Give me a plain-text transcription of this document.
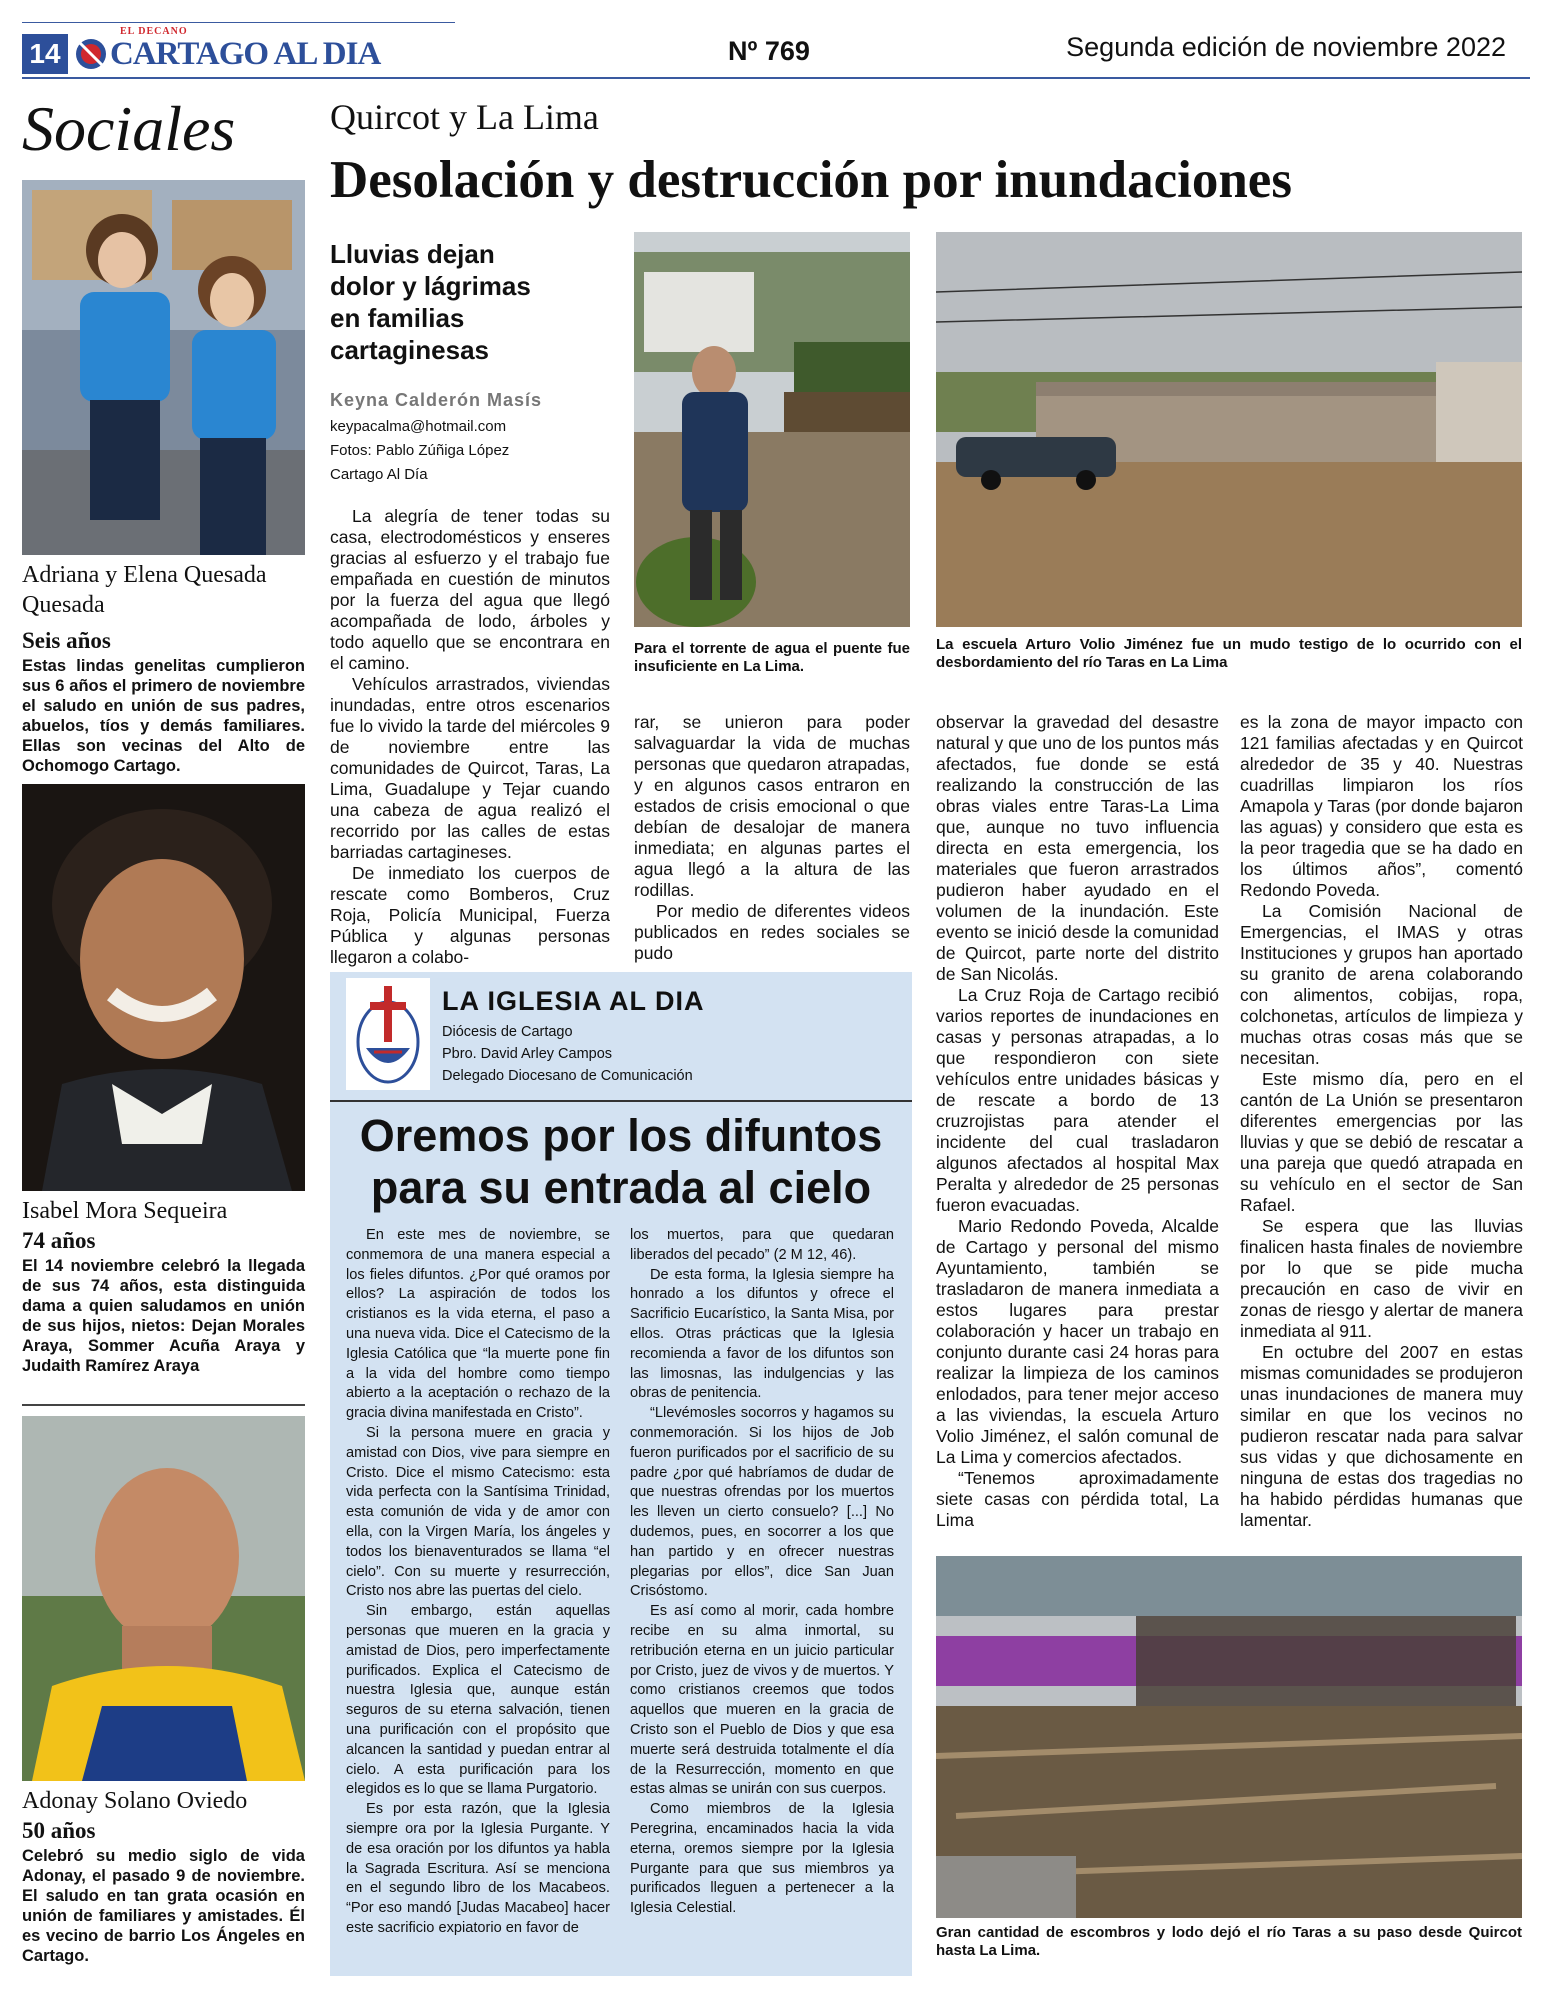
14
EL DECANO
CARTAGO AL DIA	Nº 769	Segunda edición de noviembre 2022
Sociales
Adriana y Elena Quesada Quesada
Seis años
Estas lindas genelitas cumplieron sus 6 años el primero de noviembre el saludo en unión de sus padres, abuelos, tíos y demás familiares. Ellas son vecinas del Alto de Ochomogo Cartago.
Isabel Mora Sequeira
74 años
El 14 noviembre celebró la llegada de sus 74 años, esta distinguida dama a quien saludamos en unión de sus hijos, nietos: Dejan Morales Araya, Sommer Acuña Araya y Judaith Ramírez Araya
Adonay Solano Oviedo
50 años
Celebró su medio siglo de vida Adonay, el pasado 9 de noviembre. El saludo en tan grata ocasión en unión de familiares y amistades. Él es vecino de barrio Los Ángeles en Cartago.
Quircot y La Lima
Desolación y destrucción por inundaciones
Lluvias dejan dolor y lágrimas en familias cartaginesas
Keyna Calderón Masís
keypacalma@hotmail.com
Fotos: Pablo Zúñiga López
Cartago Al Día

La alegría de tener todas su casa, electrodomésticos y enseres gracias al esfuerzo y el trabajo fue empañada en cuestión de minutos por la fuerza del agua que llegó acompañada de lodo, árboles y todo aquello que se encontrara en el camino.

Vehículos arrastrados, viviendas inundadas, entre otros escenarios fue lo vivido la tarde del miércoles 9 de noviembre entre las comunidades de Quircot, Taras, La Lima, Guadalupe y Tejar cuando una cabeza de agua realizó el recorrido por las calles de estas barriadas cartagineses.

De inmediato los cuerpos de rescate como Bomberos, Cruz Roja, Policía Municipal, Fuerza Pública y algunas personas llegaron a colabo-

Para el torrente de agua el puente fue insuficiente en La Lima.
La escuela Arturo Volio Jiménez fue un mudo testigo de lo ocurrido con el desbordamiento del río Taras en La Lima

rar, se unieron para poder salvaguardar la vida de muchas personas que quedaron atrapadas, y en algunos casos entraron en estados de crisis emocional o que debían de desalojar de manera inmediata; en algunas partes el agua llegó a la altura de las rodillas.

Por medio de diferentes videos publicados en redes sociales se pudo

observar la gravedad del desastre natural y que uno de los puntos más afectados, fue donde se está realizando la construcción de las obras viales entre Taras-La Lima que, aunque no tuvo influencia directa en esta emergencia, los materiales que fueron arrastrados pudieron haber ayudado en el volumen de la inundación. Este evento se inició desde la comunidad de Quircot, parte norte del distrito de San Nicolás.

La Cruz Roja de Cartago recibió varios reportes de inundaciones en casas y personas atrapadas, a lo que respondieron con siete vehículos entre unidades básicas y de rescate a bordo de 13 cruzrojistas para atender el incidente del cual trasladaron algunos afectados al hospital Max Peralta y alrededor de 25 personas fueron evacuadas.

Mario Redondo Poveda, Alcalde de Cartago y personal del mismo Ayuntamiento, también se trasladaron de manera inmediata a estos lugares para prestar colaboración y hacer un trabajo en conjunto durante casi 24 horas para realizar la limpieza de los caminos enlodados, para tener mejor acceso a las viviendas, la escuela Arturo Volio Jiménez, el salón comunal de La Lima y comercios afectados.

“Tenemos aproximadamente siete casas con pérdida total, La Lima

es la zona de mayor impacto con 121 familias afectadas y en Quircot alrededor de 35 y 40. Nuestras cuadrillas limpiaron los ríos Amapola y Taras (por donde bajaron las aguas) y considero que esta es la peor tragedia que se ha dado en los últimos años”, comentó Redondo Poveda.

La Comisión Nacional de Emergencias, el IMAS y otras Instituciones y grupos han aportado su granito de arena colaborando con alimentos, cobijas, ropa, colchonetas, artículos de limpieza y muchas otras cosas más que se necesitan.

Este mismo día, pero en el cantón de La Unión se presentaron diferentes emergencias por las lluvias y que se debió de rescatar a una pareja que quedó atrapada en su vehículo en el sector de San Rafael.

Se espera que las lluvias finalicen hasta finales de noviembre por lo que se pide mucha precaución en caso de vivir en zonas de riesgo y alertar de manera inmediata al 911.

En octubre del 2007 en estas mismas comunidades se produjeron unas inundaciones de manera muy similar en que los vecinos no pudieron rescatar nada para salvar sus vidas y que dichosamente en ninguna de estas dos tragedias no ha habido pérdidas humanas que lamentar.

Gran cantidad de escombros y lodo dejó el río Taras a su paso desde Quircot hasta La Lima.
LA IGLESIA AL DIA
Diócesis de Cartago
Pbro. David Arley Campos
Delegado Diocesano de Comunicación
Oremos por los difuntos
para su entrada al cielo

En este mes de noviembre, se conmemora de una manera especial a los fieles difuntos. ¿Por qué oramos por ellos? La aspiración de todos los cristianos es la vida eterna, el paso a una nueva vida. Dice el Catecismo de la Iglesia Católica que “la muerte pone fin a la vida del hombre como tiempo abierto a la aceptación o rechazo de la gracia divina manifestada en Cristo”.

Si la persona muere en gracia y amistad con Dios, vive para siempre en Cristo. Dice el mismo Catecismo: esta vida perfecta con la Santísima Trinidad, esta comunión de vida y de amor con ella, con la Virgen María, los ángeles y todos los bienaventurados se llama “el cielo”. Con su muerte y resurrección, Cristo nos abre las puertas del cielo.

Sin embargo, están aquellas personas que mueren en la gracia y amistad de Dios, pero imperfectamente purificados. Explica el Catecismo de nuestra Iglesia que, aunque están seguros de su eterna salvación, tienen una purificación con el propósito que alcancen la santidad y puedan entrar al cielo. A esta purificación para los elegidos es lo que se llama Purgatorio.

Es por esta razón, que la Iglesia siempre ora por la Iglesia Purgante. Y de esa oración por los difuntos ya habla la Sagrada Escritura. Así se menciona en el segundo libro de los Macabeos. “Por eso mandó [Judas Macabeo] hacer este sacrificio expiatorio en favor de

los muertos, para que quedaran liberados del pecado” (2 M 12, 46).

De esta forma, la Iglesia siempre ha honrado a los difuntos y ofrece el Sacrificio Eucarístico, la Santa Misa, por ellos. Otras prácticas que la Iglesia recomienda a favor de los difuntos son las limosnas, las indulgencias y las obras de penitencia.

“Llevémosles socorros y hagamos su conmemoración. Si los hijos de Job fueron purificados por el sacrificio de su padre ¿por qué habríamos de dudar de que nuestras ofrendas por los muertos les lleven un cierto consuelo? [...] No dudemos, pues, en socorrer a los que han partido y en ofrecer nuestras plegarias por ellos”, dice San Juan Crisóstomo.

Es así como al morir, cada hombre recibe en su alma inmortal, su retribución eterna en un juicio particular por Cristo, juez de vivos y de muertos. Y como cristianos creemos que todos aquellos que mueren en la gracia de Cristo son el Pueblo de Dios y que esa muerte será destruida totalmente el día de la Resurrección, momento en que estas almas se unirán con sus cuerpos.

Como miembros de la Iglesia Peregrina, encaminados hacia la vida eterna, oremos siempre por la Iglesia Purgante para que sus miembros ya purificados lleguen a pertenecer a la Iglesia Celestial.
